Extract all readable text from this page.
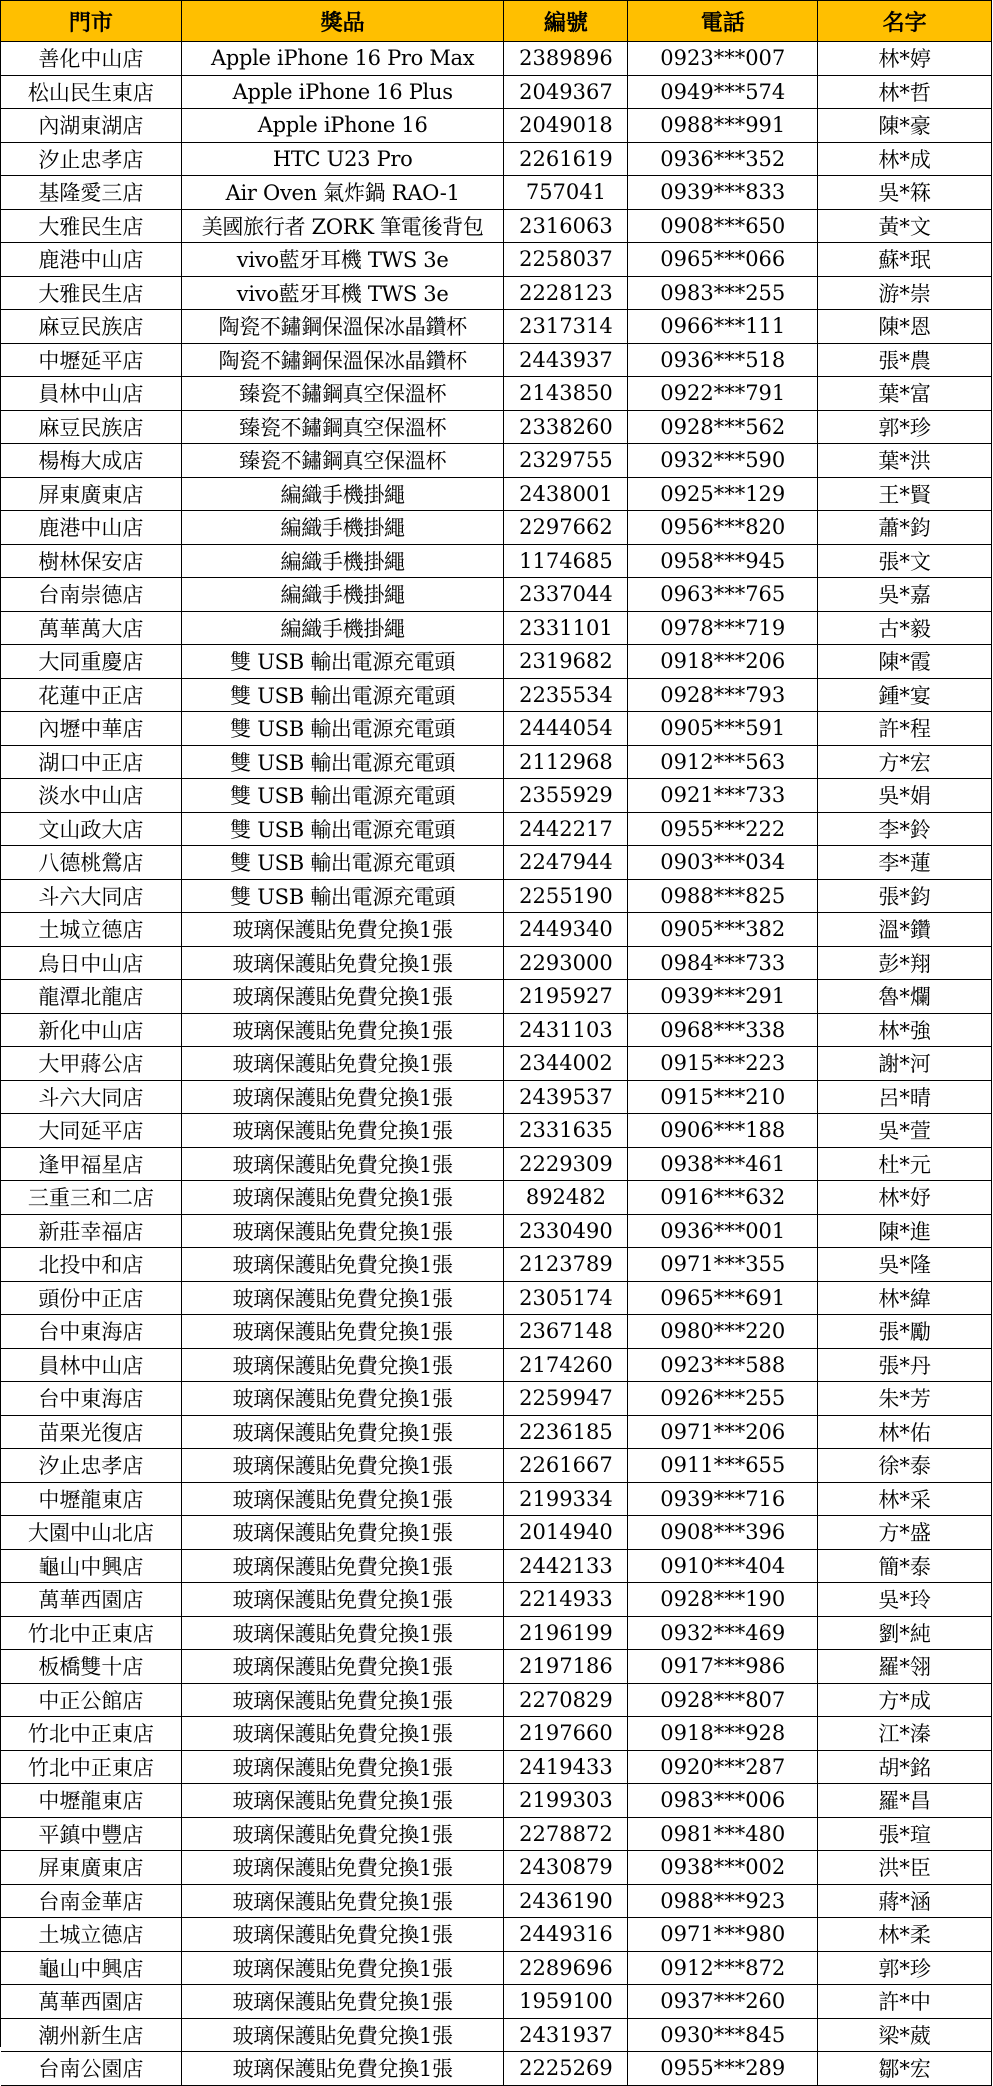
門市	獎品	編號	電話	名字
善化中山店	Apple iPhone 16 Pro Max	2389896	0923***007	林*婷
松山民生東店	Apple iPhone 16 Plus	2049367	0949***574	林*哲
內湖東湖店	Apple iPhone 16	2049018	0988***991	陳*豪
汐止忠孝店	HTC U23 Pro	2261619	0936***352	林*成
基隆愛三店	Air Oven 氣炸鍋 RAO-1	757041	0939***833	吳*箖
大雅民生店	美國旅行者 ZORK 筆電後背包	2316063	0908***650	黃*文
鹿港中山店	vivo藍牙耳機 TWS 3e	2258037	0965***066	蘇*珉
大雅民生店	vivo藍牙耳機 TWS 3e	2228123	0983***255	游*崇
麻豆民族店	陶瓷不鏽鋼保溫保冰晶鑽杯	2317314	0966***111	陳*恩
中壢延平店	陶瓷不鏽鋼保溫保冰晶鑽杯	2443937	0936***518	張*農
員林中山店	臻瓷不鏽鋼真空保溫杯	2143850	0922***791	葉*富
麻豆民族店	臻瓷不鏽鋼真空保溫杯	2338260	0928***562	郭*珍
楊梅大成店	臻瓷不鏽鋼真空保溫杯	2329755	0932***590	葉*洪
屏東廣東店	編織手機掛繩	2438001	0925***129	王*賢
鹿港中山店	編織手機掛繩	2297662	0956***820	蕭*鈞
樹林保安店	編織手機掛繩	1174685	0958***945	張*文
台南崇德店	編織手機掛繩	2337044	0963***765	吳*嘉
萬華萬大店	編織手機掛繩	2331101	0978***719	古*毅
大同重慶店	雙 USB 輸出電源充電頭	2319682	0918***206	陳*霞
花蓮中正店	雙 USB 輸出電源充電頭	2235534	0928***793	鍾*宴
內壢中華店	雙 USB 輸出電源充電頭	2444054	0905***591	許*程
湖口中正店	雙 USB 輸出電源充電頭	2112968	0912***563	方*宏
淡水中山店	雙 USB 輸出電源充電頭	2355929	0921***733	吳*娟
文山政大店	雙 USB 輸出電源充電頭	2442217	0955***222	李*鈴
八德桃鶯店	雙 USB 輸出電源充電頭	2247944	0903***034	李*蓮
斗六大同店	雙 USB 輸出電源充電頭	2255190	0988***825	張*鈞
土城立德店	玻璃保護貼免費兌換1張	2449340	0905***382	溫*鑽
烏日中山店	玻璃保護貼免費兌換1張	2293000	0984***733	彭*翔
龍潭北龍店	玻璃保護貼免費兌換1張	2195927	0939***291	魯*爛
新化中山店	玻璃保護貼免費兌換1張	2431103	0968***338	林*強
大甲蔣公店	玻璃保護貼免費兌換1張	2344002	0915***223	謝*河
斗六大同店	玻璃保護貼免費兌換1張	2439537	0915***210	呂*晴
大同延平店	玻璃保護貼免費兌換1張	2331635	0906***188	吳*萱
逢甲福星店	玻璃保護貼免費兌換1張	2229309	0938***461	杜*元
三重三和二店	玻璃保護貼免費兌換1張	892482	0916***632	林*妤
新莊幸福店	玻璃保護貼免費兌換1張	2330490	0936***001	陳*進
北投中和店	玻璃保護貼免費兌換1張	2123789	0971***355	吳*隆
頭份中正店	玻璃保護貼免費兌換1張	2305174	0965***691	林*緯
台中東海店	玻璃保護貼免費兌換1張	2367148	0980***220	張*勵
員林中山店	玻璃保護貼免費兌換1張	2174260	0923***588	張*丹
台中東海店	玻璃保護貼免費兌換1張	2259947	0926***255	朱*芳
苗栗光復店	玻璃保護貼免費兌換1張	2236185	0971***206	林*佑
汐止忠孝店	玻璃保護貼免費兌換1張	2261667	0911***655	徐*泰
中壢龍東店	玻璃保護貼免費兌換1張	2199334	0939***716	林*采
大園中山北店	玻璃保護貼免費兌換1張	2014940	0908***396	方*盛
龜山中興店	玻璃保護貼免費兌換1張	2442133	0910***404	簡*泰
萬華西園店	玻璃保護貼免費兌換1張	2214933	0928***190	吳*玲
竹北中正東店	玻璃保護貼免費兌換1張	2196199	0932***469	劉*純
板橋雙十店	玻璃保護貼免費兌換1張	2197186	0917***986	羅*翎
中正公館店	玻璃保護貼免費兌換1張	2270829	0928***807	方*成
竹北中正東店	玻璃保護貼免費兌換1張	2197660	0918***928	江*溱
竹北中正東店	玻璃保護貼免費兌換1張	2419433	0920***287	胡*銘
中壢龍東店	玻璃保護貼免費兌換1張	2199303	0983***006	羅*昌
平鎮中豐店	玻璃保護貼免費兌換1張	2278872	0981***480	張*瑄
屏東廣東店	玻璃保護貼免費兌換1張	2430879	0938***002	洪*臣
台南金華店	玻璃保護貼免費兌換1張	2436190	0988***923	蔣*涵
土城立德店	玻璃保護貼免費兌換1張	2449316	0971***980	林*柔
龜山中興店	玻璃保護貼免費兌換1張	2289696	0912***872	郭*珍
萬華西園店	玻璃保護貼免費兌換1張	1959100	0937***260	許*中
潮州新生店	玻璃保護貼免費兌換1張	2431937	0930***845	梁*葳
台南公園店	玻璃保護貼免費兌換1張	2225269	0955***289	鄒*宏
